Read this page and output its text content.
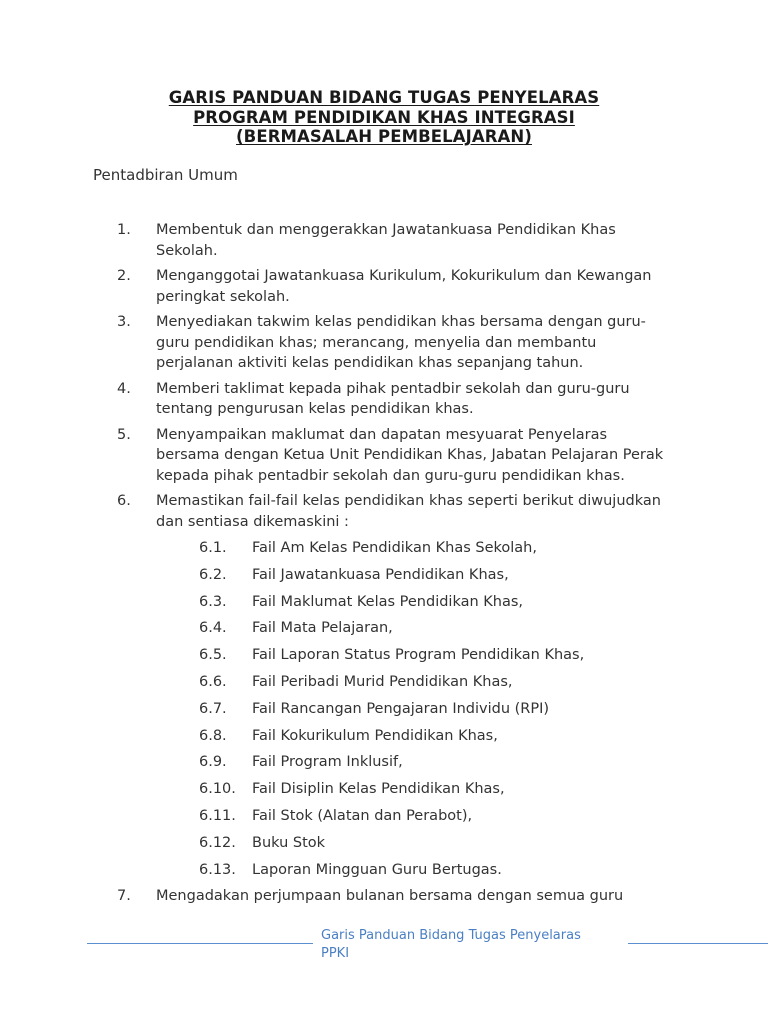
GARIS PANDUAN BIDANG TUGAS PENYELARAS
PROGRAM PENDIDIKAN KHAS INTEGRASI
(BERMASALAH PEMBELAJARAN)
Pentadbiran Umum
1. Membentuk dan menggerakkan Jawatankuasa Pendidikan Khas Sekolah.
2. Menganggotai Jawatankuasa Kurikulum, Kokurikulum dan Kewangan   peringkat sekolah.
3. Menyediakan takwim kelas pendidikan khas bersama dengan guru-guru pendidikan khas; merancang, menyelia dan membantu perjalanan aktiviti kelas pendidikan khas sepanjang tahun.
4. Memberi taklimat kepada pihak pentadbir sekolah dan guru-guru tentang pengurusan kelas pendidikan khas.
5. Menyampaikan maklumat dan dapatan mesyuarat Penyelaras bersama dengan Ketua Unit Pendidikan Khas, Jabatan Pelajaran Perak kepada pihak pentadbir sekolah dan guru-guru pendidikan khas.
6. Memastikan fail-fail kelas pendidikan khas seperti berikut diwujudkan dan sentiasa dikemaskini :
6.1. Fail Am Kelas Pendidikan Khas Sekolah,
6.2. Fail Jawatankuasa Pendidikan Khas,
6.3. Fail Maklumat Kelas Pendidikan Khas,
6.4. Fail Mata Pelajaran,
6.5. Fail Laporan Status Program Pendidikan Khas,
6.6. Fail Peribadi Murid Pendidikan Khas,
6.7. Fail Rancangan Pengajaran Individu (RPI)
6.8. Fail Kokurikulum Pendidikan Khas,
6.9. Fail Program Inklusif,
6.10. Fail Disiplin Kelas Pendidikan Khas,
6.11. Fail Stok (Alatan dan Perabot),
6.12. Buku Stok
6.13. Laporan Mingguan Guru Bertugas.
7. Mengadakan perjumpaan bulanan bersama dengan semua guru
Garis Panduan Bidang Tugas Penyelaras
PPKI
